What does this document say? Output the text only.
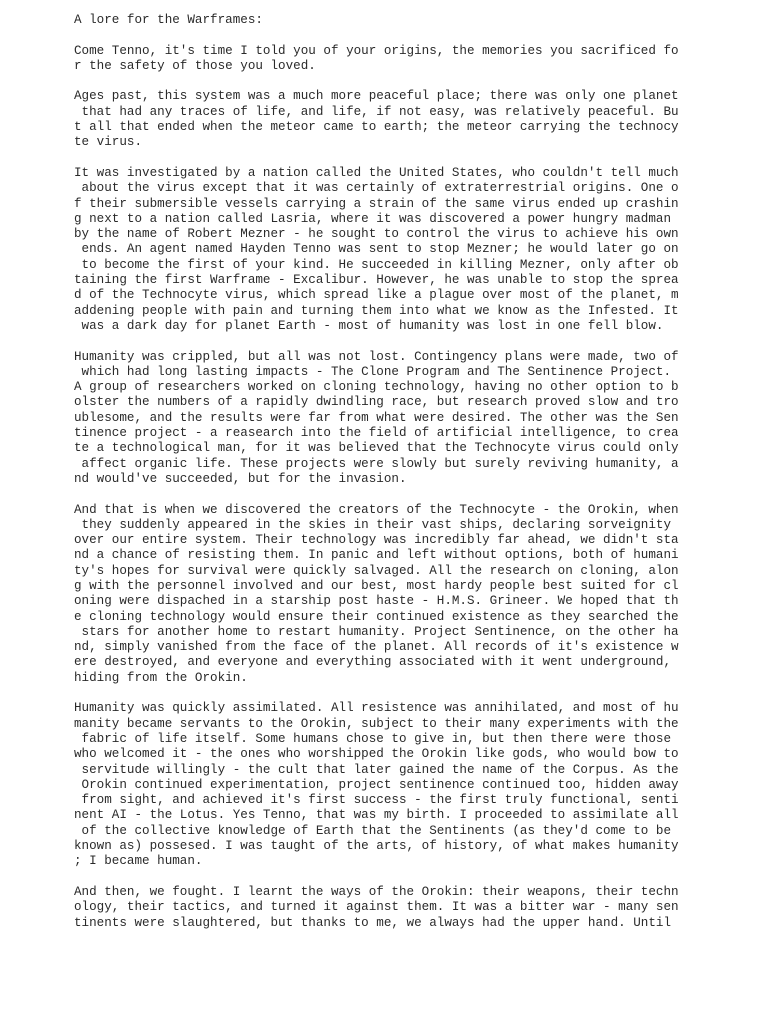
A lore for the Warframes:
Come Tenno, it's time I told you of your origins, the memories you sacrificed fo
r the safety of those you loved.
Ages past, this system was a much more peaceful place; there was only one planet
that had any traces of life, and life, if not easy, was relatively peaceful. Bu
t all that ended when the meteor came to earth; the meteor carrying the technocy
te virus.
It was investigated by a nation called the United States, who couldn't tell much
about the virus except that it was certainly of extraterrestrial origins. One o
f their submersible vessels carrying a strain of the same virus ended up crashin
g next to a nation called Lasria, where it was discovered a power hungry madman
by the name of Robert Mezner - he sought to control the virus to achieve his own
ends. An agent named Hayden Tenno was sent to stop Mezner; he would later go on
to become the first of your kind. He succeeded in killing Mezner, only after ob
taining the first Warframe - Excalibur. However, he was unable to stop the sprea
d of the Technocyte virus, which spread like a plague over most of the planet, m
addening people with pain and turning them into what we know as the Infested. It
was a dark day for planet Earth - most of humanity was lost in one fell blow.
Humanity was crippled, but all was not lost. Contingency plans were made, two of
which had long lasting impacts - The Clone Program and The Sentinence Project.
A group of researchers worked on cloning technology, having no other option to b
olster the numbers of a rapidly dwindling race, but research proved slow and tro
ublesome, and the results were far from what were desired. The other was the Sen
tinence project - a reasearch into the field of artificial intelligence, to crea
te a technological man, for it was believed that the Technocyte virus could only
affect organic life. These projects were slowly but surely reviving humanity, a
nd would've succeeded, but for the invasion.
And that is when we discovered the creators of the Technocyte - the Orokin, when
they suddenly appeared in the skies in their vast ships, declaring sorveignity
over our entire system. Their technology was incredibly far ahead, we didn't sta
nd a chance of resisting them. In panic and left without options, both of humani
ty's hopes for survival were quickly salvaged. All the research on cloning, alon
g with the personnel involved and our best, most hardy people best suited for cl
oning were dispached in a starship post haste - H.M.S. Grineer. We hoped that th
e cloning technology would ensure their continued existence as they searched the
stars for another home to restart humanity. Project Sentinence, on the other ha
nd, simply vanished from the face of the planet. All records of it's existence w
ere destroyed, and everyone and everything associated with it went underground,
hiding from the Orokin.
Humanity was quickly assimilated. All resistence was annihilated, and most of hu
manity became servants to the Orokin, subject to their many experiments with the
fabric of life itself. Some humans chose to give in, but then there were those
who welcomed it - the ones who worshipped the Orokin like gods, who would bow to
servitude willingly - the cult that later gained the name of the Corpus. As the
Orokin continued experimentation, project sentinence continued too, hidden away
from sight, and achieved it's first success - the first truly functional, senti
nent AI - the Lotus. Yes Tenno, that was my birth. I proceeded to assimilate all
of the collective knowledge of Earth that the Sentinents (as they'd come to be
known as) possesed. I was taught of the arts, of history, of what makes humanity
; I became human.
And then, we fought. I learnt the ways of the Orokin: their weapons, their techn
ology, their tactics, and turned it against them. It was a bitter war - many sen
tinents were slaughtered, but thanks to me, we always had the upper hand. Until
